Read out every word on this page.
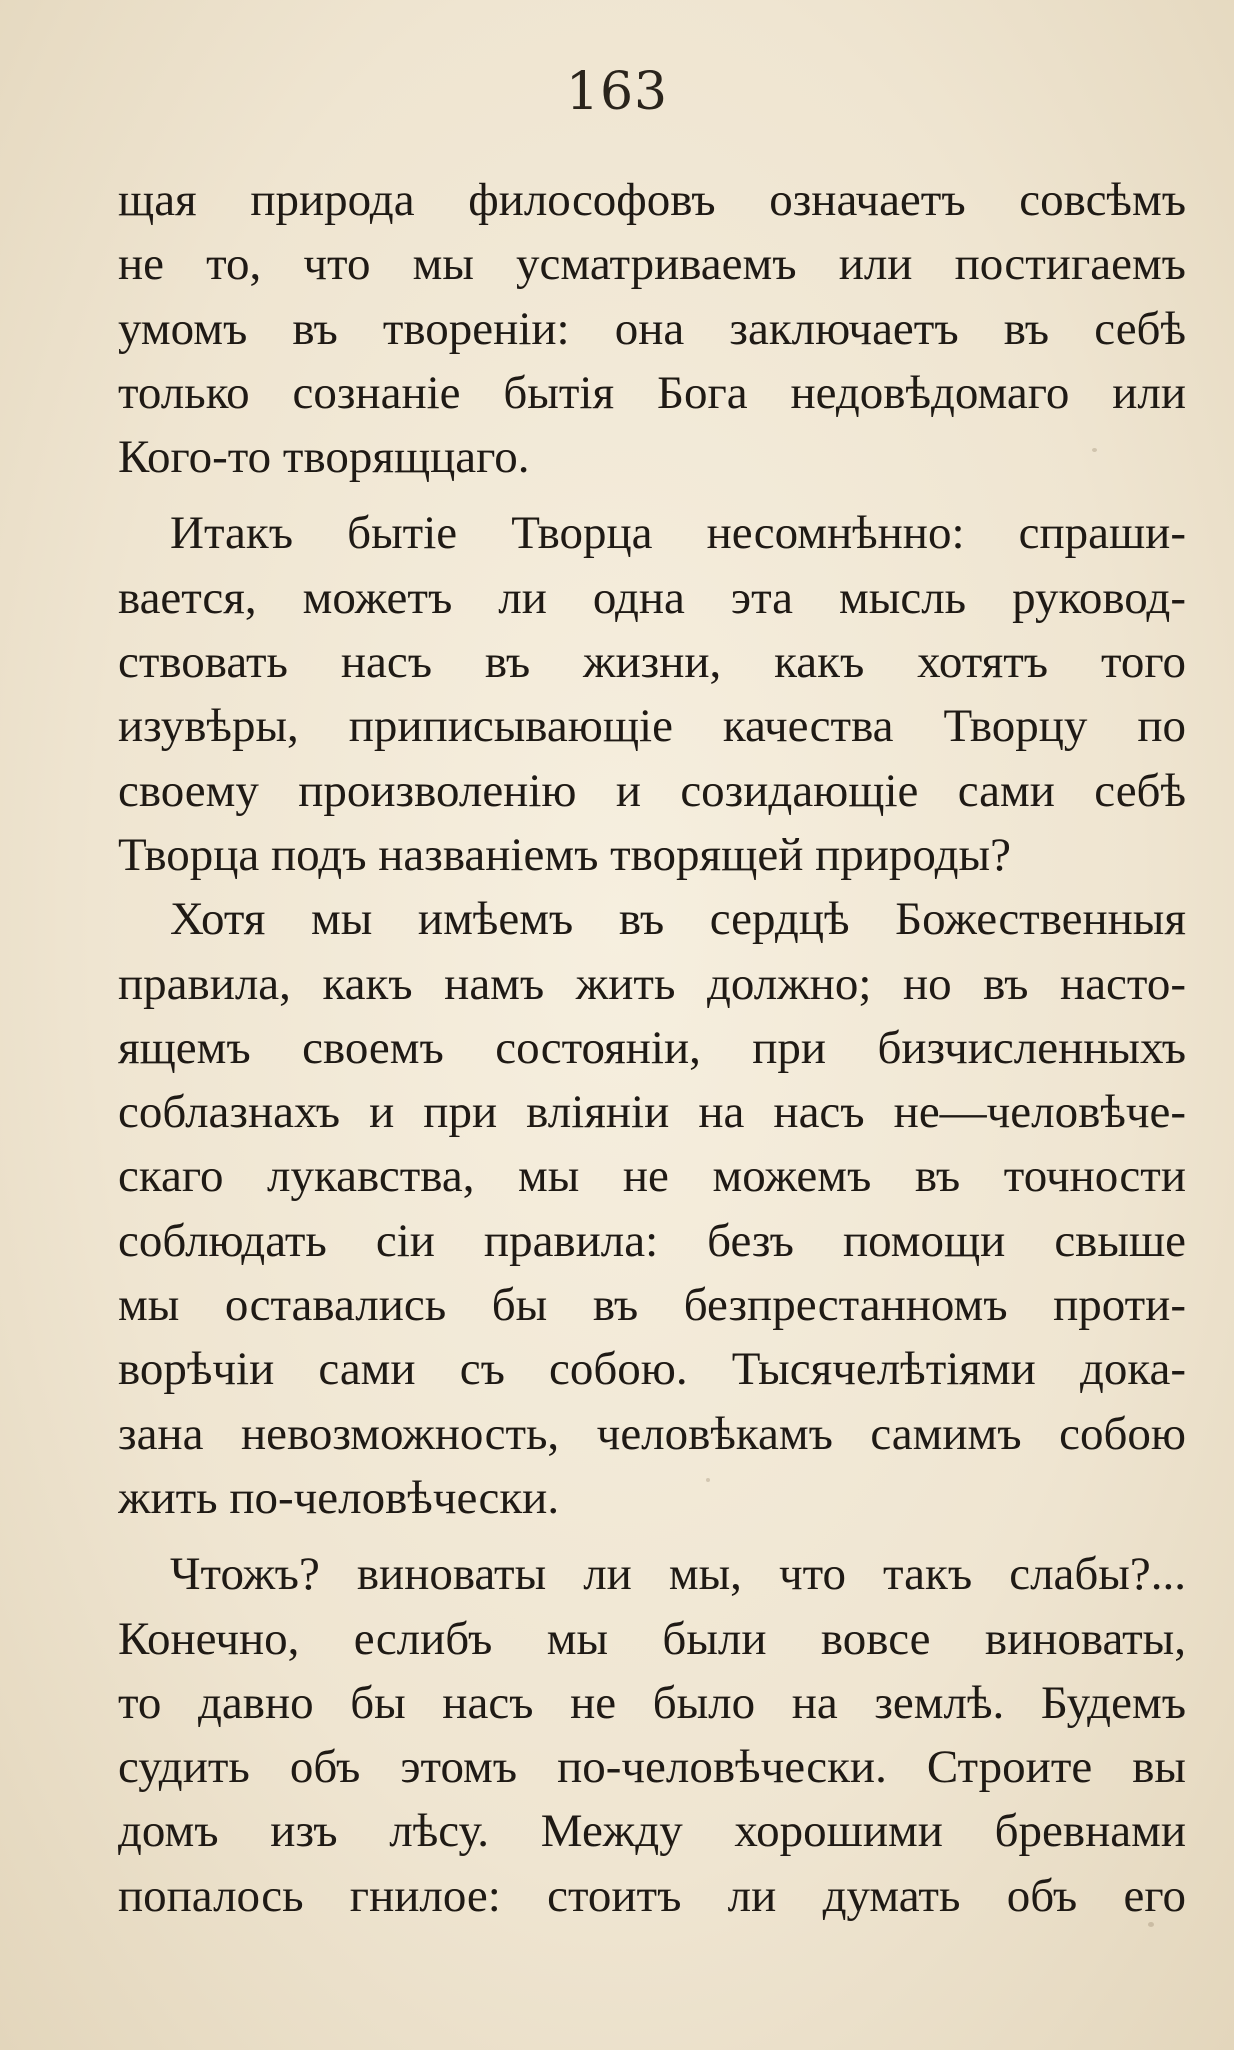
163
щая природа философовъ означаетъ совсѣмъ
не то, что мы усматриваемъ или постигаемъ
умомъ въ твореніи: она заключаетъ въ себѣ
только сознаніе бытія Бога недовѣдомаго или
Кого-то творящцаго.
Итакъ бытіе Творца несомнѣнно: спраши-
вается, можетъ ли одна эта мысль руковод-
ствовать насъ въ жизни, какъ хотятъ того
изувѣры, приписывающіе качества Творцу по
своему произволенію и созидающіе сами себѣ
Творца подъ названіемъ творящей природы?
Хотя мы имѣемъ въ сердцѣ Божественныя
правила, какъ намъ жить должно; но въ насто-
ящемъ своемъ состояніи, при бизчисленныхъ
соблазнахъ и при вліяніи на насъ не—человѣче-
скаго лукавства, мы не можемъ въ точности
соблюдать сіи правила: безъ помощи свыше
мы оставались бы въ безпрестанномъ проти-
ворѣчіи сами съ собою. Тысячелѣтіями дока-
зана невозможность, человѣкамъ самимъ собою
жить по-человѣчески.
Чтожъ? виноваты ли мы, что такъ слабы?...
Конечно, еслибъ мы были вовсе виноваты,
то давно бы насъ не было на землѣ. Будемъ
судить объ этомъ по-человѣчески. Строите вы
домъ изъ лѣсу. Между хорошими бревнами
попалось гнилое: стоитъ ли думать объ его
